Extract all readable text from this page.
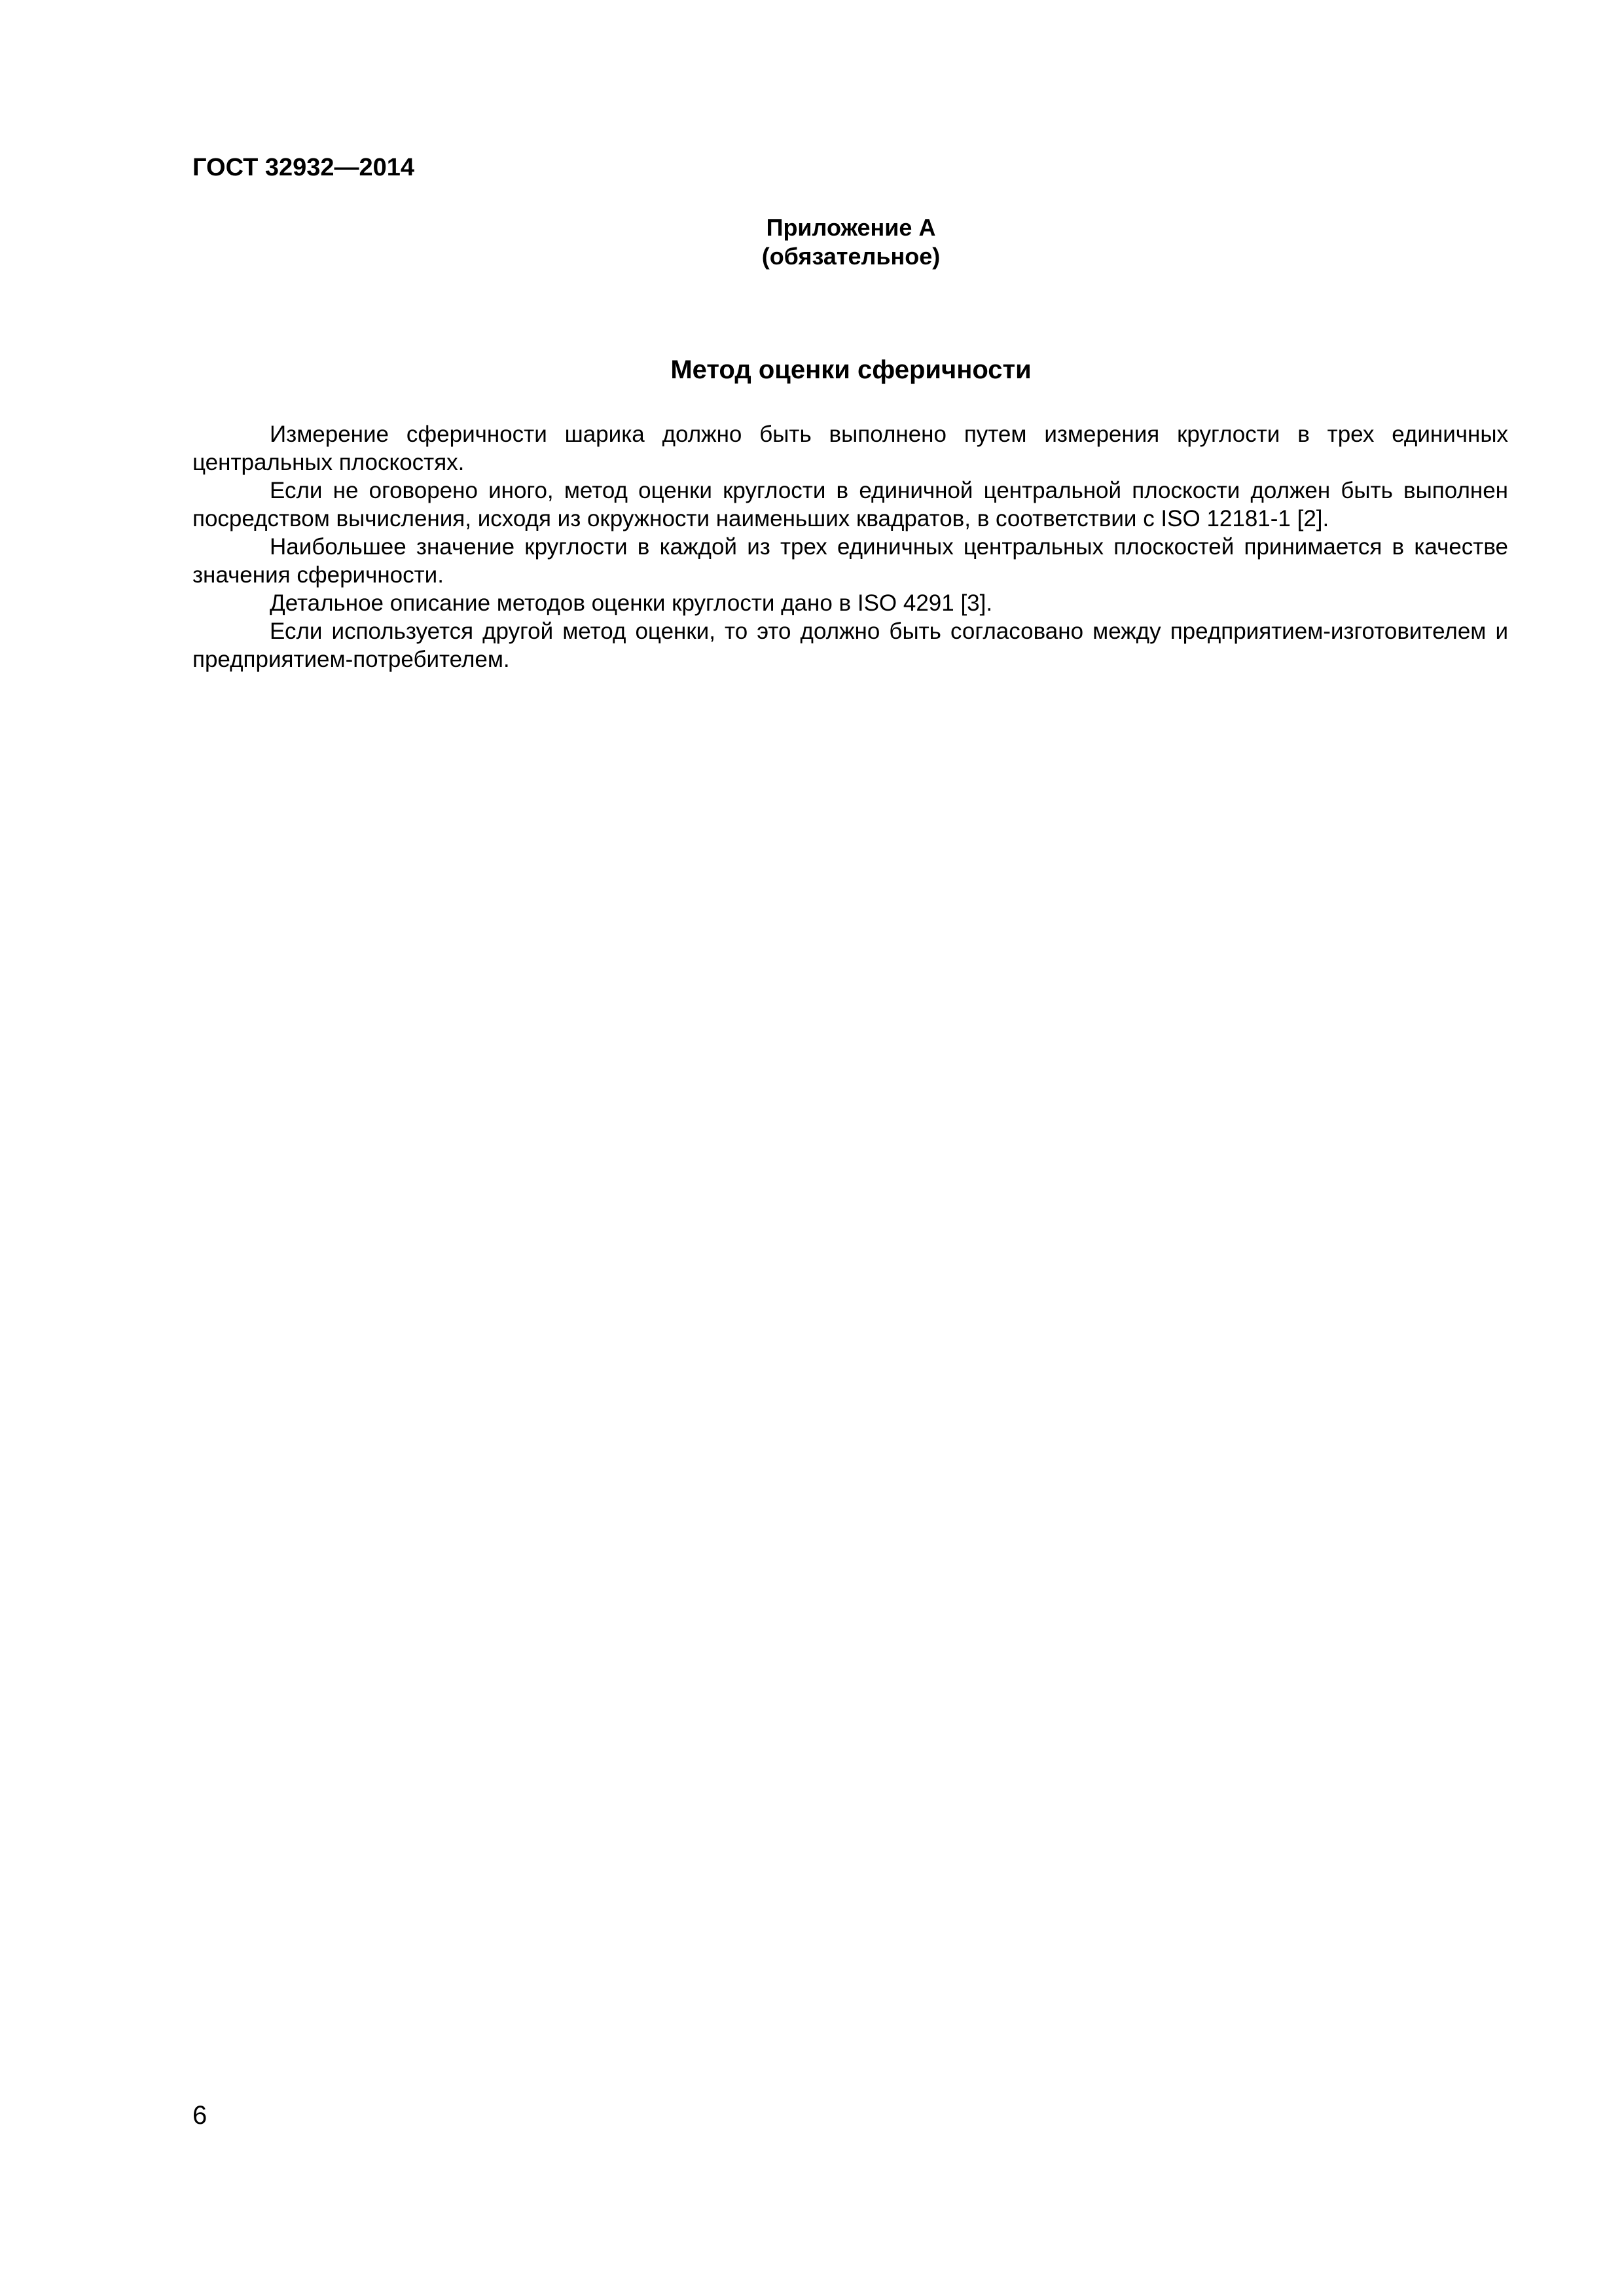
ГОСТ 32932—2014
Приложение А
(обязательное)
Метод оценки сферичности

Измерение сферичности шарика должно быть выполнено путем измерения круглости в трех единичных центральных плоскостях.

Если не оговорено иного, метод оценки круглости в единичной центральной плоскости должен быть выполнен посредством вычисления, исходя из окружности наименьших квадратов, в соответствии с ISO 12181-1 [2].

Наибольшее значение круглости в каждой из трех единичных центральных плоскостей принимается в качестве значения сферичности.

Детальное описание методов оценки круглости дано в ISO 4291 [3].

Если используется другой метод оценки, то это должно быть согласовано между предприятием-изготовителем и предприятием-потребителем.

6
